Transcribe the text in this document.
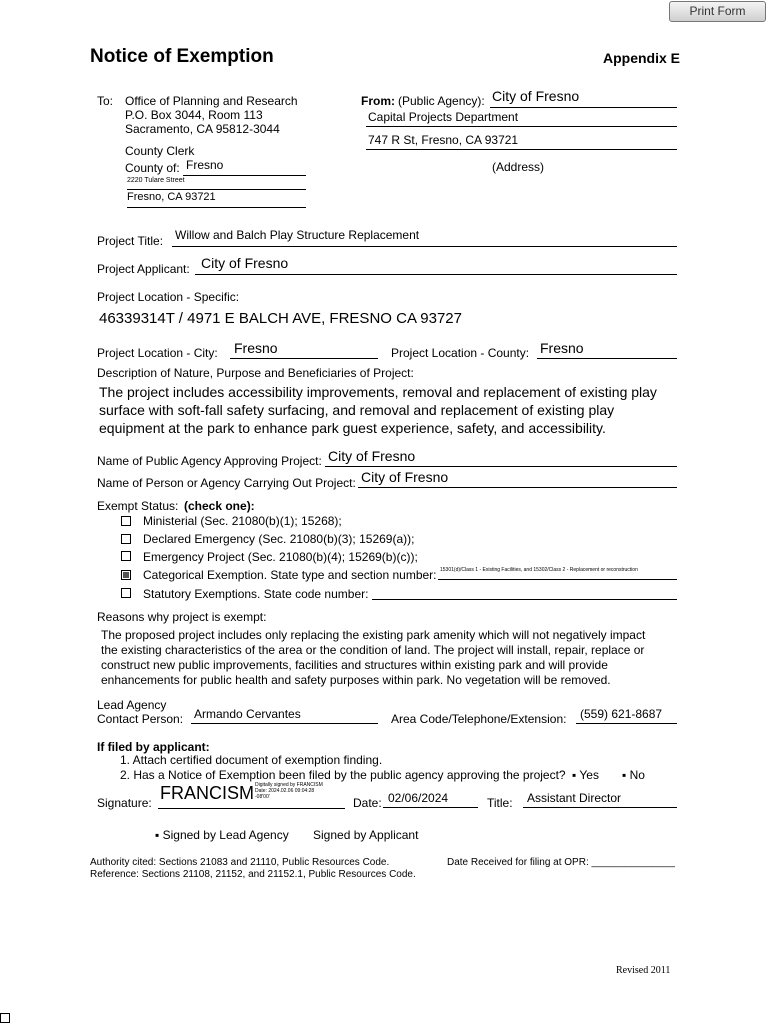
Print Form
Notice of Exemption	Appendix E
To: Office of Planning and Research
P.O. Box 3044, Room 113
Sacramento, CA 95812-3044
County Clerk
County of: Fresno
2220 Tulare Street
Fresno, CA 93721
From: (Public Agency): City of Fresno
Capital Projects Department
747 R St, Fresno, CA 93721
(Address)
Project Title: Willow and Balch Play Structure Replacement
Project Applicant: City of Fresno
Project Location - Specific:
46339314T / 4971 E BALCH AVE, FRESNO CA 93727
Project Location - City: Fresno	Project Location - County: Fresno
Description of Nature, Purpose and Beneficiaries of Project:
The project includes accessibility improvements, removal and replacement of existing play
surface with soft-fall safety surfacing, and removal and replacement of existing play
equipment at the park to enhance park guest experience, safety, and accessibility.
Name of Public Agency Approving Project: City of Fresno
Name of Person or Agency Carrying Out Project: City of Fresno
Exempt Status: (check one):
Ministerial (Sec. 21080(b)(1); 15268);
Declared Emergency (Sec. 21080(b)(3); 15269(a));
Emergency Project (Sec. 21080(b)(4); 15269(b)(c));
Categorical Exemption. State type and section number: 15301(d)/Class 1 - Existing Facilities, and 15302/Class 2 - Replacement or reconstruction
Statutory Exemptions. State code number:
Reasons why project is exempt:
The proposed project includes only replacing the existing park amenity which will not negatively impact
the existing characteristics of the area or the condition of land. The project will install, repair, replace or
construct new public improvements, facilities and structures within existing park and will provide
enhancements for public health and safety purposes within park. No vegetation will be removed.
Lead Agency
Contact Person: Armando Cervantes	Area Code/Telephone/Extension: (559) 621-8687
If filed by applicant:
1. Attach certified document of exemption finding.
2. Has a Notice of Exemption been filed by the public agency approving the project?	▪ Yes	▪ No
Signature: FRANCISM Digitally signed by FRANCISM
Date: 2024.02.06 09:04:28
-08'00'	Date: 02/06/2024	Title: Assistant Director
▪ Signed by Lead Agency Signed by Applicant
Authority cited: Sections 21083 and 21110, Public Resources Code.
Reference: Sections 21108, 21152, and 21152.1, Public Resources Code.
Date Received for filing at OPR: _______________
Revised 2011
